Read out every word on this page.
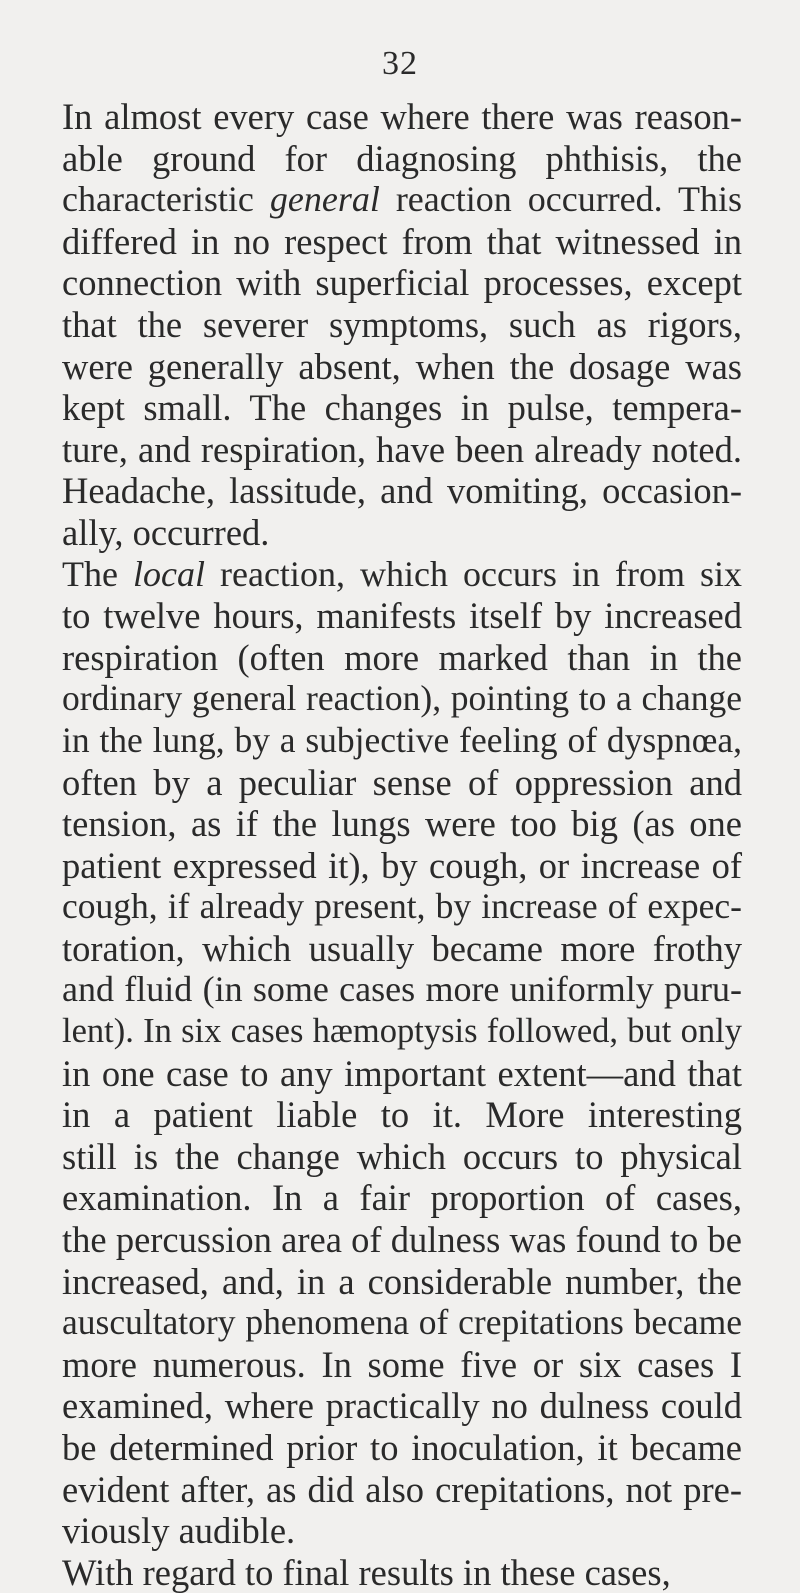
32
In almost every case where there was reason-
able ground for diagnosing phthisis, the
characteristic general reaction occurred. This
differed in no respect from that witnessed in
connection with superficial processes, except
that the severer symptoms, such as rigors,
were generally absent, when the dosage was
kept small. The changes in pulse, tempera-
ture, and respiration, have been already noted.
Headache, lassitude, and vomiting, occasion-
ally, occurred.
The local reaction, which occurs in from six
to twelve hours, manifests itself by increased
respiration (often more marked than in the
ordinary general reaction), pointing to a change
in the lung, by a subjective feeling of dyspnœa,
often by a peculiar sense of oppression and
tension, as if the lungs were too big (as one
patient expressed it), by cough, or increase of
cough, if already present, by increase of expec-
toration, which usually became more frothy
and fluid (in some cases more uniformly puru-
lent). In six cases hæmoptysis followed, but only
in one case to any important extent—and that
in a patient liable to it. More interesting
still is the change which occurs to physical
examination. In a fair proportion of cases,
the percussion area of dulness was found to be
increased, and, in a considerable number, the
auscultatory phenomena of crepitations became
more numerous. In some five or six cases I
examined, where practically no dulness could
be determined prior to inoculation, it became
evident after, as did also crepitations, not pre-
viously audible.
With regard to final results in these cases,
